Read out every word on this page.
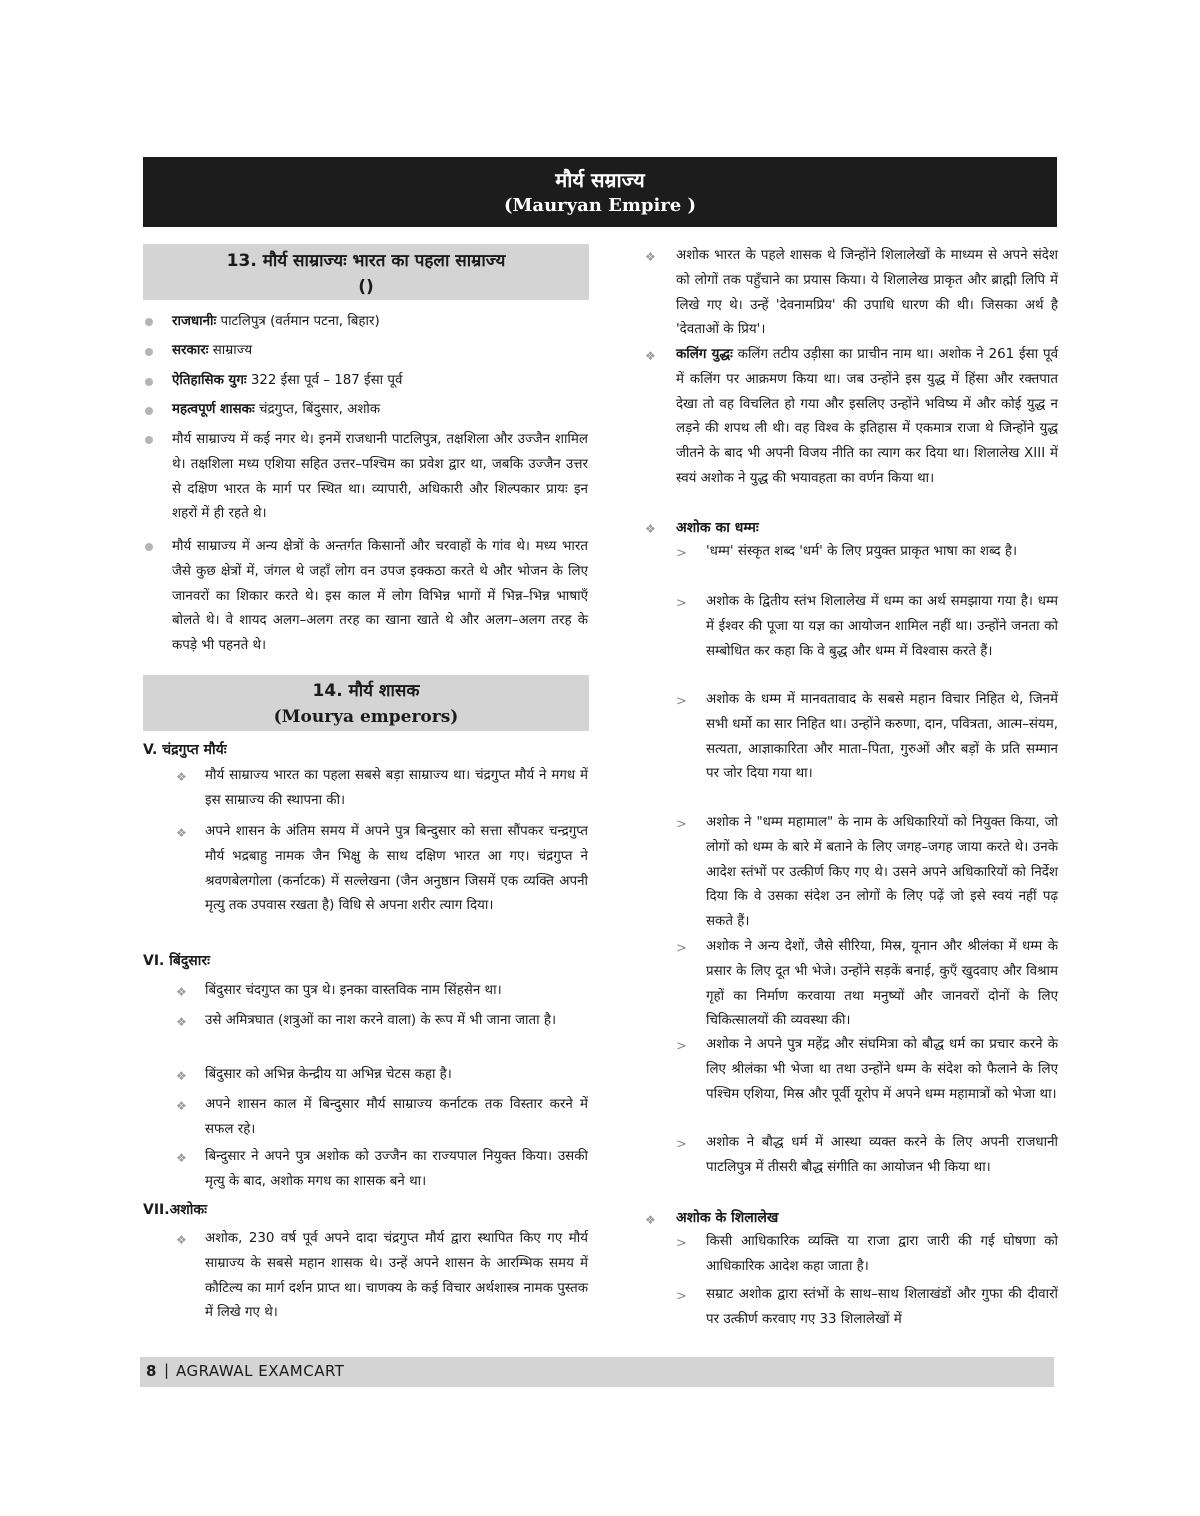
मौर्य सम्राज्य
(Mauryan Empire )
13. मौर्य साम्राज्यः भारत का पहला साम्राज्य
()
राजधानीः पाटलिपुत्र (वर्तमान पटना, बिहार)
सरकारः साम्राज्य
ऐतिहासिक युगः 322 ईसा पूर्व – 187 ईसा पूर्व
महत्वपूर्ण शासकः चंद्रगुप्त, बिंदुसार, अशोक
मौर्य साम्राज्य में कई नगर थे। इनमें राजधानी पाटलिपुत्र, तक्षशिला और उज्जैन शामिल थे। तक्षशिला मध्य एशिया सहित उत्तर–पश्चिम का प्रवेश द्वार था, जबकि उज्जैन उत्तर से दक्षिण भारत के मार्ग पर स्थित था। व्यापारी, अधिकारी और शिल्पकार प्रायः इन शहरों में ही रहते थे।
मौर्य साम्राज्य में अन्य क्षेत्रों के अन्तर्गत किसानों और चरवाहों के गांव थे। मध्य भारत जैसे कुछ क्षेत्रों में, जंगल थे जहाँ लोग वन उपज इक्कठा करते थे और भोजन के लिए जानवरों का शिकार करते थे। इस काल में लोग विभिन्न भागों में भिन्न–भिन्न भाषाएँ बोलते थे। वे शायद अलग–अलग तरह का खाना खाते थे और अलग–अलग तरह के कपड़े भी पहनते थे।
14. मौर्य शासक
(Mourya emperors)
V. चंद्रगुप्त मौर्यः
❖ मौर्य साम्राज्य भारत का पहला सबसे बड़ा साम्राज्य था। चंद्रगुप्त मौर्य ने मगध में इस साम्राज्य की स्थापना की।
❖ अपने शासन के अंतिम समय में अपने पुत्र बिन्दुसार को सत्ता सौंपकर चन्द्रगुप्त मौर्य भद्रबाहु नामक जैन भिक्षु के साथ दक्षिण भारत आ गए। चंद्रगुप्त ने श्रवणबेलगोला (कर्नाटक) में सल्लेखना (जैन अनुष्ठान जिसमें एक व्यक्ति अपनी मृत्यु तक उपवास रखता है) विधि से अपना शरीर त्याग दिया।
VI. बिंदुसारः
❖ बिंदुसार चंदगुप्त का पुत्र थे। इनका वास्तविक नाम सिंहसेन था।
❖ उसे अमित्रघात (शत्रुओं का नाश करने वाला) के रूप में भी जाना जाता है।
❖ बिंदुसार को अभिन्न केन्द्रीय या अभिन्न चेटस कहा है।
❖ अपने शासन काल में बिन्दुसार मौर्य साम्राज्य कर्नाटक तक विस्तार करने में सफल रहे।
❖ बिन्दुसार ने अपने पुत्र अशोक को उज्जैन का राज्यपाल नियुक्त किया। उसकी मृत्यु के बाद, अशोक मगध का शासक बने था।
VII.अशोकः
❖ अशोक, 230 वर्ष पूर्व अपने दादा चंद्रगुप्त मौर्य द्वारा स्थापित किए गए मौर्य साम्राज्य के सबसे महान शासक थे। उन्हें अपने शासन के आरम्भिक समय में कौटिल्य का मार्ग दर्शन प्राप्त था। चाणक्य के कई विचार अर्थशास्त्र नामक पुस्तक में लिखे गए थे।
❖ अशोक भारत के पहले शासक थे जिन्होंने शिलालेखों के माध्यम से अपने संदेश को लोगों तक पहुँचाने का प्रयास किया। ये शिलालेख प्राकृत और ब्राह्मी लिपि में लिखे गए थे। उन्हें 'देवनामप्रिय' की उपाधि धारण की थी। जिसका अर्थ है 'देवताओं के प्रिय'।
❖ कलिंग युद्धः कलिंग तटीय उड़ीसा का प्राचीन नाम था। अशोक ने 261 ईसा पूर्व में कलिंग पर आक्रमण किया था। जब उन्होंने इस युद्ध में हिंसा और रक्तपात देखा तो वह विचलित हो गया और इसलिए उन्होंने भविष्य में और कोई युद्ध न लड़ने की शपथ ली थी। वह विश्व के इतिहास में एकमात्र राजा थे जिन्होंने युद्ध जीतने के बाद भी अपनी विजय नीति का त्याग कर दिया था। शिलालेख XIII में स्वयं अशोक ने युद्ध की भयावहता का वर्णन किया था।
❖ अशोक का धम्मः
> 'धम्म' संस्कृत शब्द 'धर्म' के लिए प्रयुक्त प्राकृत भाषा का शब्द है।
> अशोक के द्वितीय स्तंभ शिलालेख में धम्म का अर्थ समझाया गया है। धम्म में ईश्वर की पूजा या यज्ञ का आयोजन शामिल नहीं था। उन्होंने जनता को सम्बोधित कर कहा कि वे बुद्ध और धम्म में विश्वास करते हैं।
> अशोक के धम्म में मानवतावाद के सबसे महान विचार निहित थे, जिनमें सभी धर्मो का सार निहित था। उन्होंने करुणा, दान, पवित्रता, आत्म–संयम, सत्यता, आज्ञाकारिता और माता–पिता, गुरुओं और बड़ों के प्रति सम्मान पर जोर दिया गया था।
> अशोक ने "धम्म महामाल" के नाम के अधिकारियों को नियुक्त किया, जो लोगों को धम्म के बारे में बताने के लिए जगह–जगह जाया करते थे। उनके आदेश स्तंभों पर उत्कीर्ण किए गए थे। उसने अपने अधिकारियों को निर्देश दिया कि वे उसका संदेश उन लोगों के लिए पढ़ें जो इसे स्वयं नहीं पढ़ सकते हैं।
> अशोक ने अन्य देशों, जैसे सीरिया, मिस्र, यूनान और श्रीलंका में धम्म के प्रसार के लिए दूत भी भेजे। उन्होंने सड़कें बनाई, कुएँ खुदवाए और विश्राम गृहों का निर्माण करवाया तथा मनुष्यों और जानवरों दोनों के लिए चिकित्सालयों की व्यवस्था की।
> अशोक ने अपने पुत्र महेंद्र और संघमित्रा को बौद्ध धर्म का प्रचार करने के लिए श्रीलंका भी भेजा था तथा उन्होंने धम्म के संदेश को फैलाने के लिए पश्चिम एशिया, मिस्र और पूर्वी यूरोप में अपने धम्म महामात्रों को भेजा था।
> अशोक ने बौद्ध धर्म में आस्था व्यक्त करने के लिए अपनी राजधानी पाटलिपुत्र में तीसरी बौद्ध संगीति का आयोजन भी किया था।
❖ अशोक के शिलालेख
> किसी आधिकारिक व्यक्ति या राजा द्वारा जारी की गई घोषणा को आधिकारिक आदेश कहा जाता है।
> सम्राट अशोक द्वारा स्तंभों के साथ–साथ शिलाखंडों और गुफा की दीवारों पर उत्कीर्ण करवाए गए 33 शिलालेखों में
8 | AGRAWAL EXAMCART
